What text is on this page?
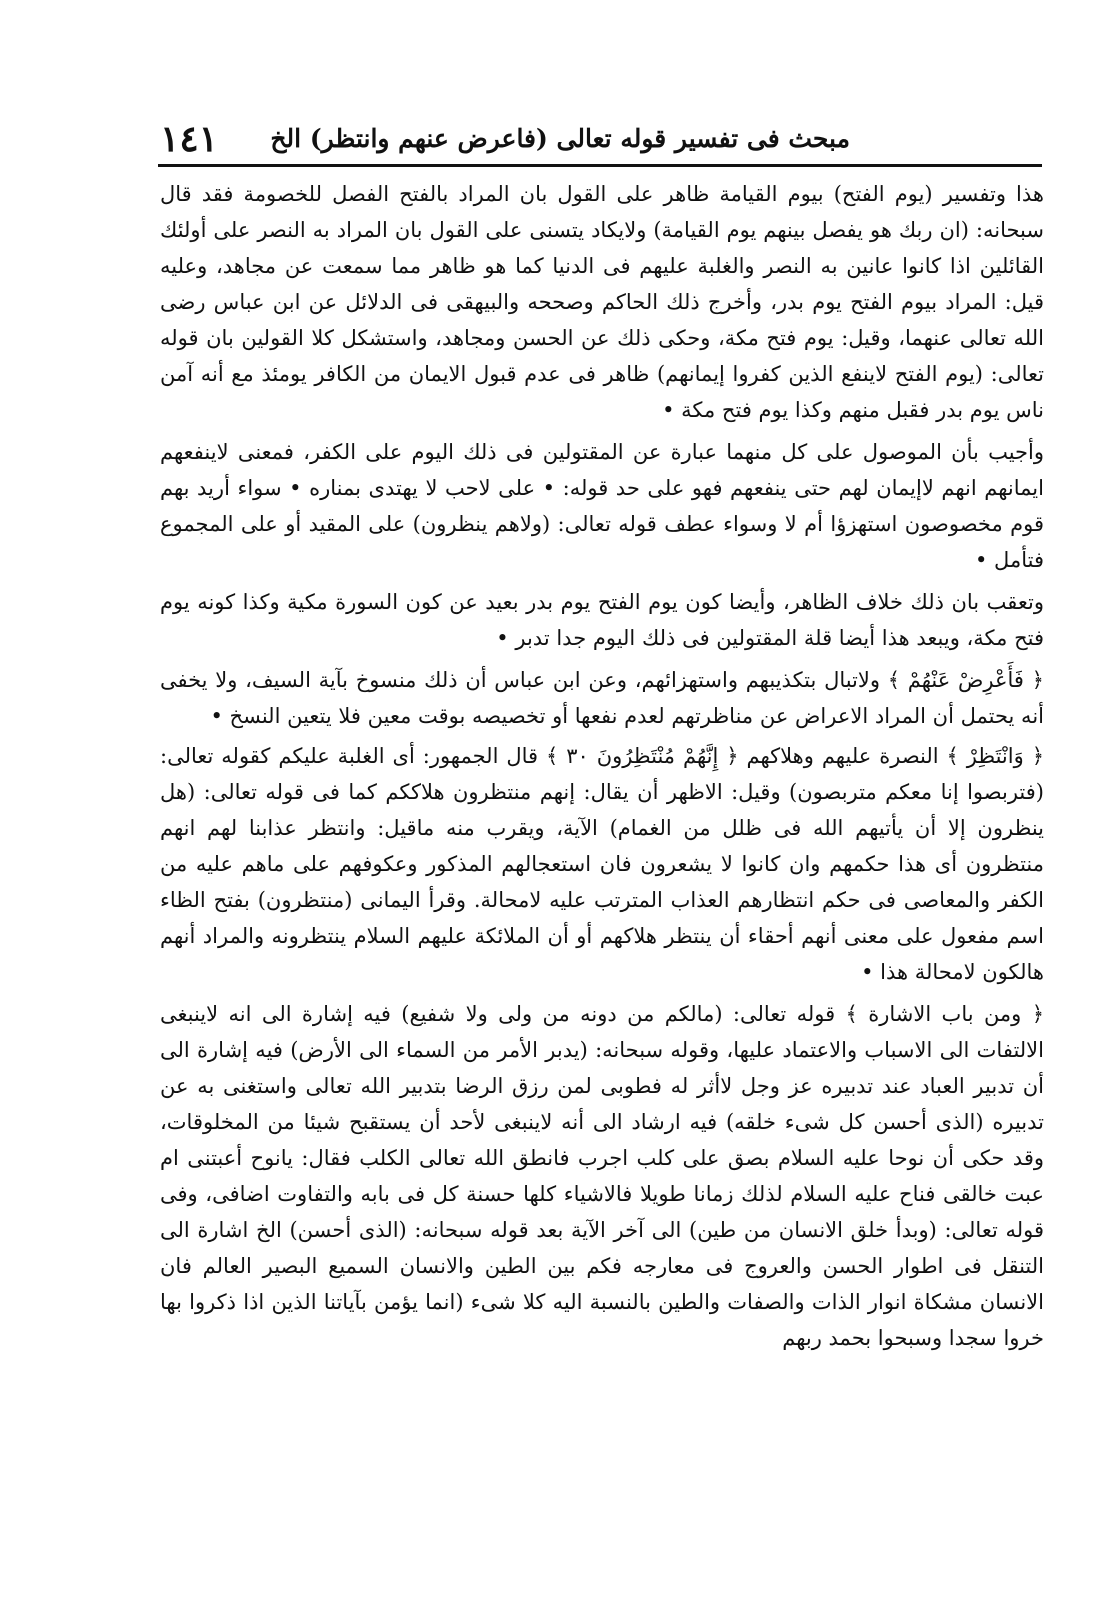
مبحث فى تفسير قوله تعالى (فاعرض عنهم وانتظر) الخ
١٤١

هذا وتفسير (يوم الفتح) بيوم القيامة ظاهر على القول بان المراد بالفتح الفصل للخصومة فقد قال سبحانه: (ان ربك هو يفصل بينهم يوم القيامة) ولايكاد يتسنى على القول بان المراد به النصر على أولئك القائلين اذا كانوا عانين به النصر والغلبة عليهم فى الدنيا كما هو ظاهر مما سمعت عن مجاهد، وعليه قيل: المراد بيوم الفتح يوم بدر، وأخرج ذلك الحاكم وصححه والبيهقى فى الدلائل عن ابن عباس رضى الله تعالى عنهما، وقيل: يوم فتح مكة، وحكى ذلك عن الحسن ومجاهد، واستشكل كلا القولين بان قوله تعالى: (يوم الفتح لاينفع الذين كفروا إيمانهم) ظاهر فى عدم قبول الايمان من الكافر يومئذ مع أنه آمن ناس يوم بدر فقبل منهم وكذا يوم فتح مكة •

وأجيب بأن الموصول على كل منهما عبارة عن المقتولين فى ذلك اليوم على الكفر، فمعنى لاينفعهم ايمانهم انهم لاإيمان لهم حتى ينفعهم فهو على حد قوله: • على لاحب لا يهتدى بمناره • سواء أريد بهم قوم مخصوصون استهزؤا أم لا وسواء عطف قوله تعالى: (ولاهم ينظرون) على المقيد أو على المجموع فتأمل •

وتعقب بان ذلك خلاف الظاهر، وأيضا كون يوم الفتح يوم بدر بعيد عن كون السورة مكية وكذا كونه يوم فتح مكة، ويبعد هذا أيضا قلة المقتولين فى ذلك اليوم جدا تدبر •

﴿ فَأَعْرِضْ عَنْهُمْ ﴾ ولاتبال بتكذيبهم واستهزائهم، وعن ابن عباس أن ذلك منسوخ بآية السيف، ولا يخفى أنه يحتمل أن المراد الاعراض عن مناظرتهم لعدم نفعها أو تخصيصه بوقت معين فلا يتعين النسخ •

﴿ وَانْتَظِرْ ﴾ النصرة عليهم وهلاكهم ﴿ إِنَّهُمْ مُنْتَظِرُونَ ٣٠ ﴾ قال الجمهور: أى الغلبة عليكم كقوله تعالى: (فتربصوا إنا معكم متربصون) وقيل: الاظهر أن يقال: إنهم منتظرون هلاككم كما فى قوله تعالى: (هل ينظرون إلا أن يأتيهم الله فى ظلل من الغمام) الآية، ويقرب منه ماقيل: وانتظر عذابنا لهم انهم منتظرون أى هذا حكمهم وان كانوا لا يشعرون فان استعجالهم المذكور وعكوفهم على ماهم عليه من الكفر والمعاصى فى حكم انتظارهم العذاب المترتب عليه لامحالة. وقرأ اليمانى (منتظرون) بفتح الظاء اسم مفعول على معنى أنهم أحقاء أن ينتظر هلاكهم أو أن الملائكة عليهم السلام ينتظرونه والمراد أنهم هالكون لامحالة هذا •

﴿ ومن باب الاشارة ﴾ قوله تعالى: (مالكم من دونه من ولى ولا شفيع) فيه إشارة الى انه لاينبغى الالتفات الى الاسباب والاعتماد عليها، وقوله سبحانه: (يدبر الأمر من السماء الى الأرض) فيه إشارة الى أن تدبير العباد عند تدبيره عز وجل لاأثر له فطوبى لمن رزق الرضا بتدبير الله تعالى واستغنى به عن تدبيره (الذى أحسن كل شىء خلقه) فيه ارشاد الى أنه لاينبغى لأحد أن يستقبح شيئا من المخلوقات، وقد حكى أن نوحا عليه السلام بصق على كلب اجرب فانطق الله تعالى الكلب فقال: يانوح أعبتنى ام عبت خالقى فناح عليه السلام لذلك زمانا طويلا فالاشياء كلها حسنة كل فى بابه والتفاوت اضافى، وفى قوله تعالى: (وبدأ خلق الانسان من طين) الى آخر الآية بعد قوله سبحانه: (الذى أحسن) الخ اشارة الى التنقل فى اطوار الحسن والعروج فى معارجه فكم بين الطين والانسان السميع البصير العالم فان الانسان مشكاة انوار الذات والصفات والطين بالنسبة اليه كلا شىء (انما يؤمن بآياتنا الذين اذا ذكروا بها خروا سجدا وسبحوا بحمد ربهم
